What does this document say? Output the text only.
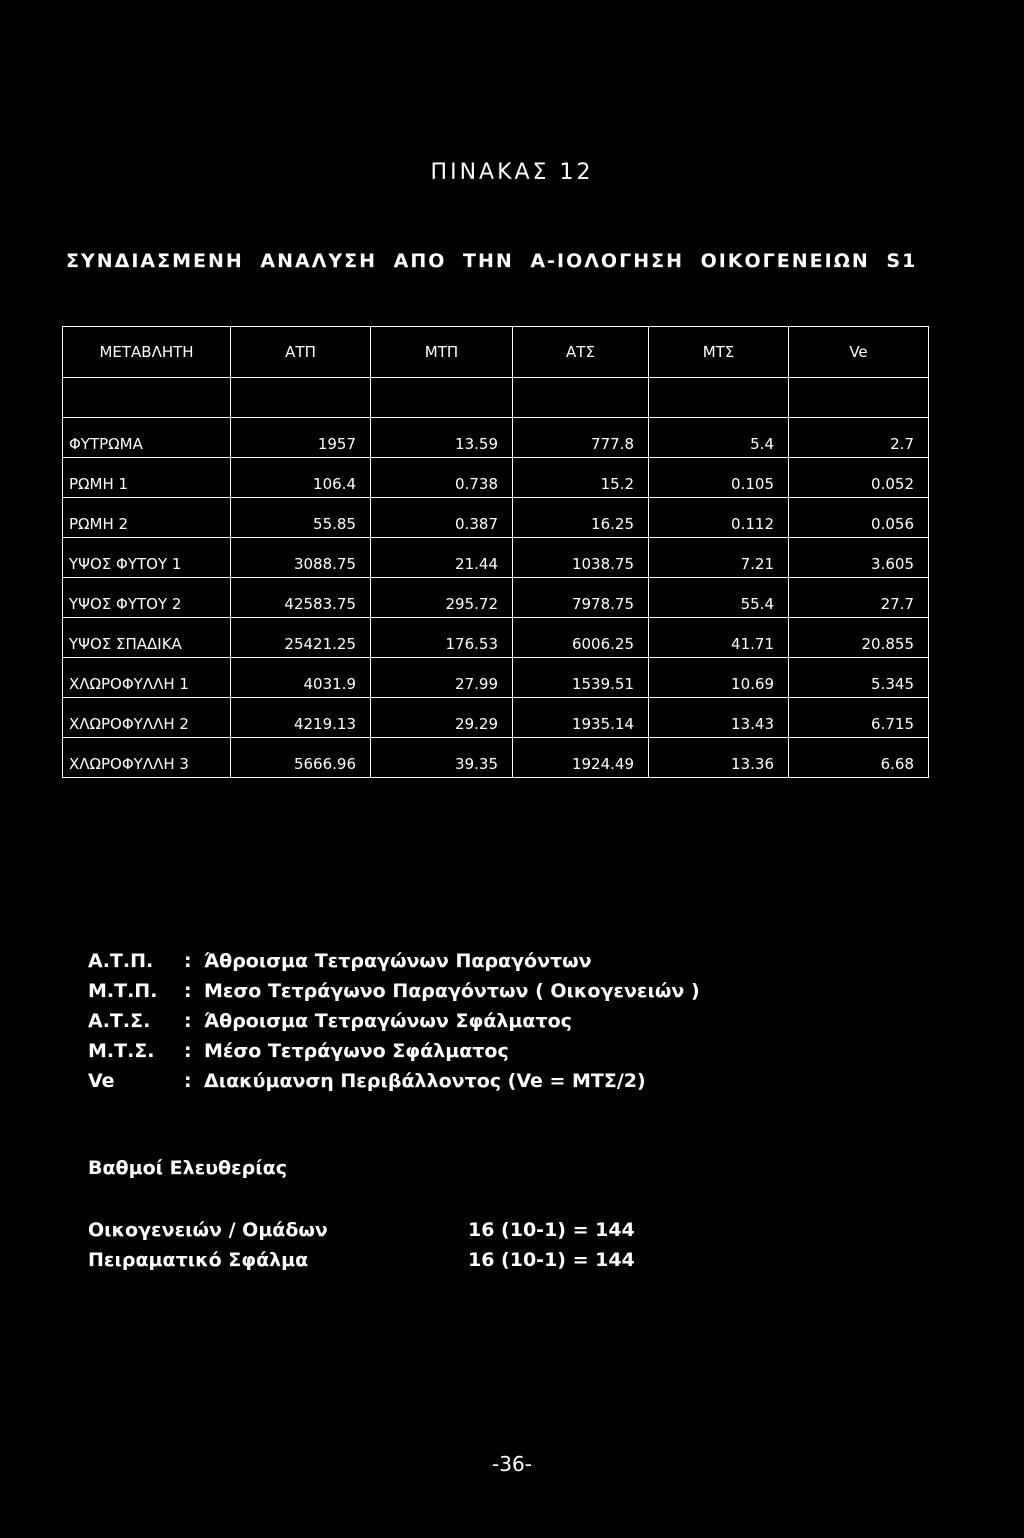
ΠΙΝΑΚΑΣ 12
ΣΥΝΔΙΑΣΜΕΝΗ ΑΝΑΛΥΣΗ ΑΠΟ ΤΗΝ Α-ΙΟΛΟΓΗΣΗ ΟΙΚΟΓΕΝΕΙΩΝ S1
ΜΕΤΑΒΛΗΤΗ	ΑΤΠ	ΜΤΠ	ΑΤΣ	ΜΤΣ	Ve

ΦΥΤΡΩΜΑ	1957	13.59	777.8	5.4	2.7
ΡΩΜΗ 1	106.4	0.738	15.2	0.105	0.052
ΡΩΜΗ 2	55.85	0.387	16.25	0.112	0.056
ΥΨΟΣ ΦΥΤΟΥ 1	3088.75	21.44	1038.75	7.21	3.605
ΥΨΟΣ ΦΥΤΟΥ 2	42583.75	295.72	7978.75	55.4	27.7
ΥΨΟΣ ΣΠΑΔΙΚΑ	25421.25	176.53	6006.25	41.71	20.855
ΧΛΩΡΟΦΥΛΛΗ 1	4031.9	27.99	1539.51	10.69	5.345
ΧΛΩΡΟΦΥΛΛΗ 2	4219.13	29.29	1935.14	13.43	6.715
ΧΛΩΡΟΦΥΛΛΗ 3	5666.96	39.35	1924.49	13.36	6.68
Α.Τ.Π.	: Άθροισμα Τετραγώνων Παραγόντων
Μ.Τ.Π.	: Μεσο Τετράγωνο Παραγόντων ( Οικογενειών )
Α.Τ.Σ.	: Άθροισμα Τετραγώνων Σφάλματος
Μ.Τ.Σ.	: Μέσο Τετράγωνο Σφάλματος
Ve	: Διακύμανση Περιβάλλοντος (Ve = ΜΤΣ/2)
Βαθμοί Ελευθερίας
Οικογενειών / Ομάδων	16 (10-1) = 144
Πειραματικό Σφάλμα	16 (10-1) = 144
-36-
